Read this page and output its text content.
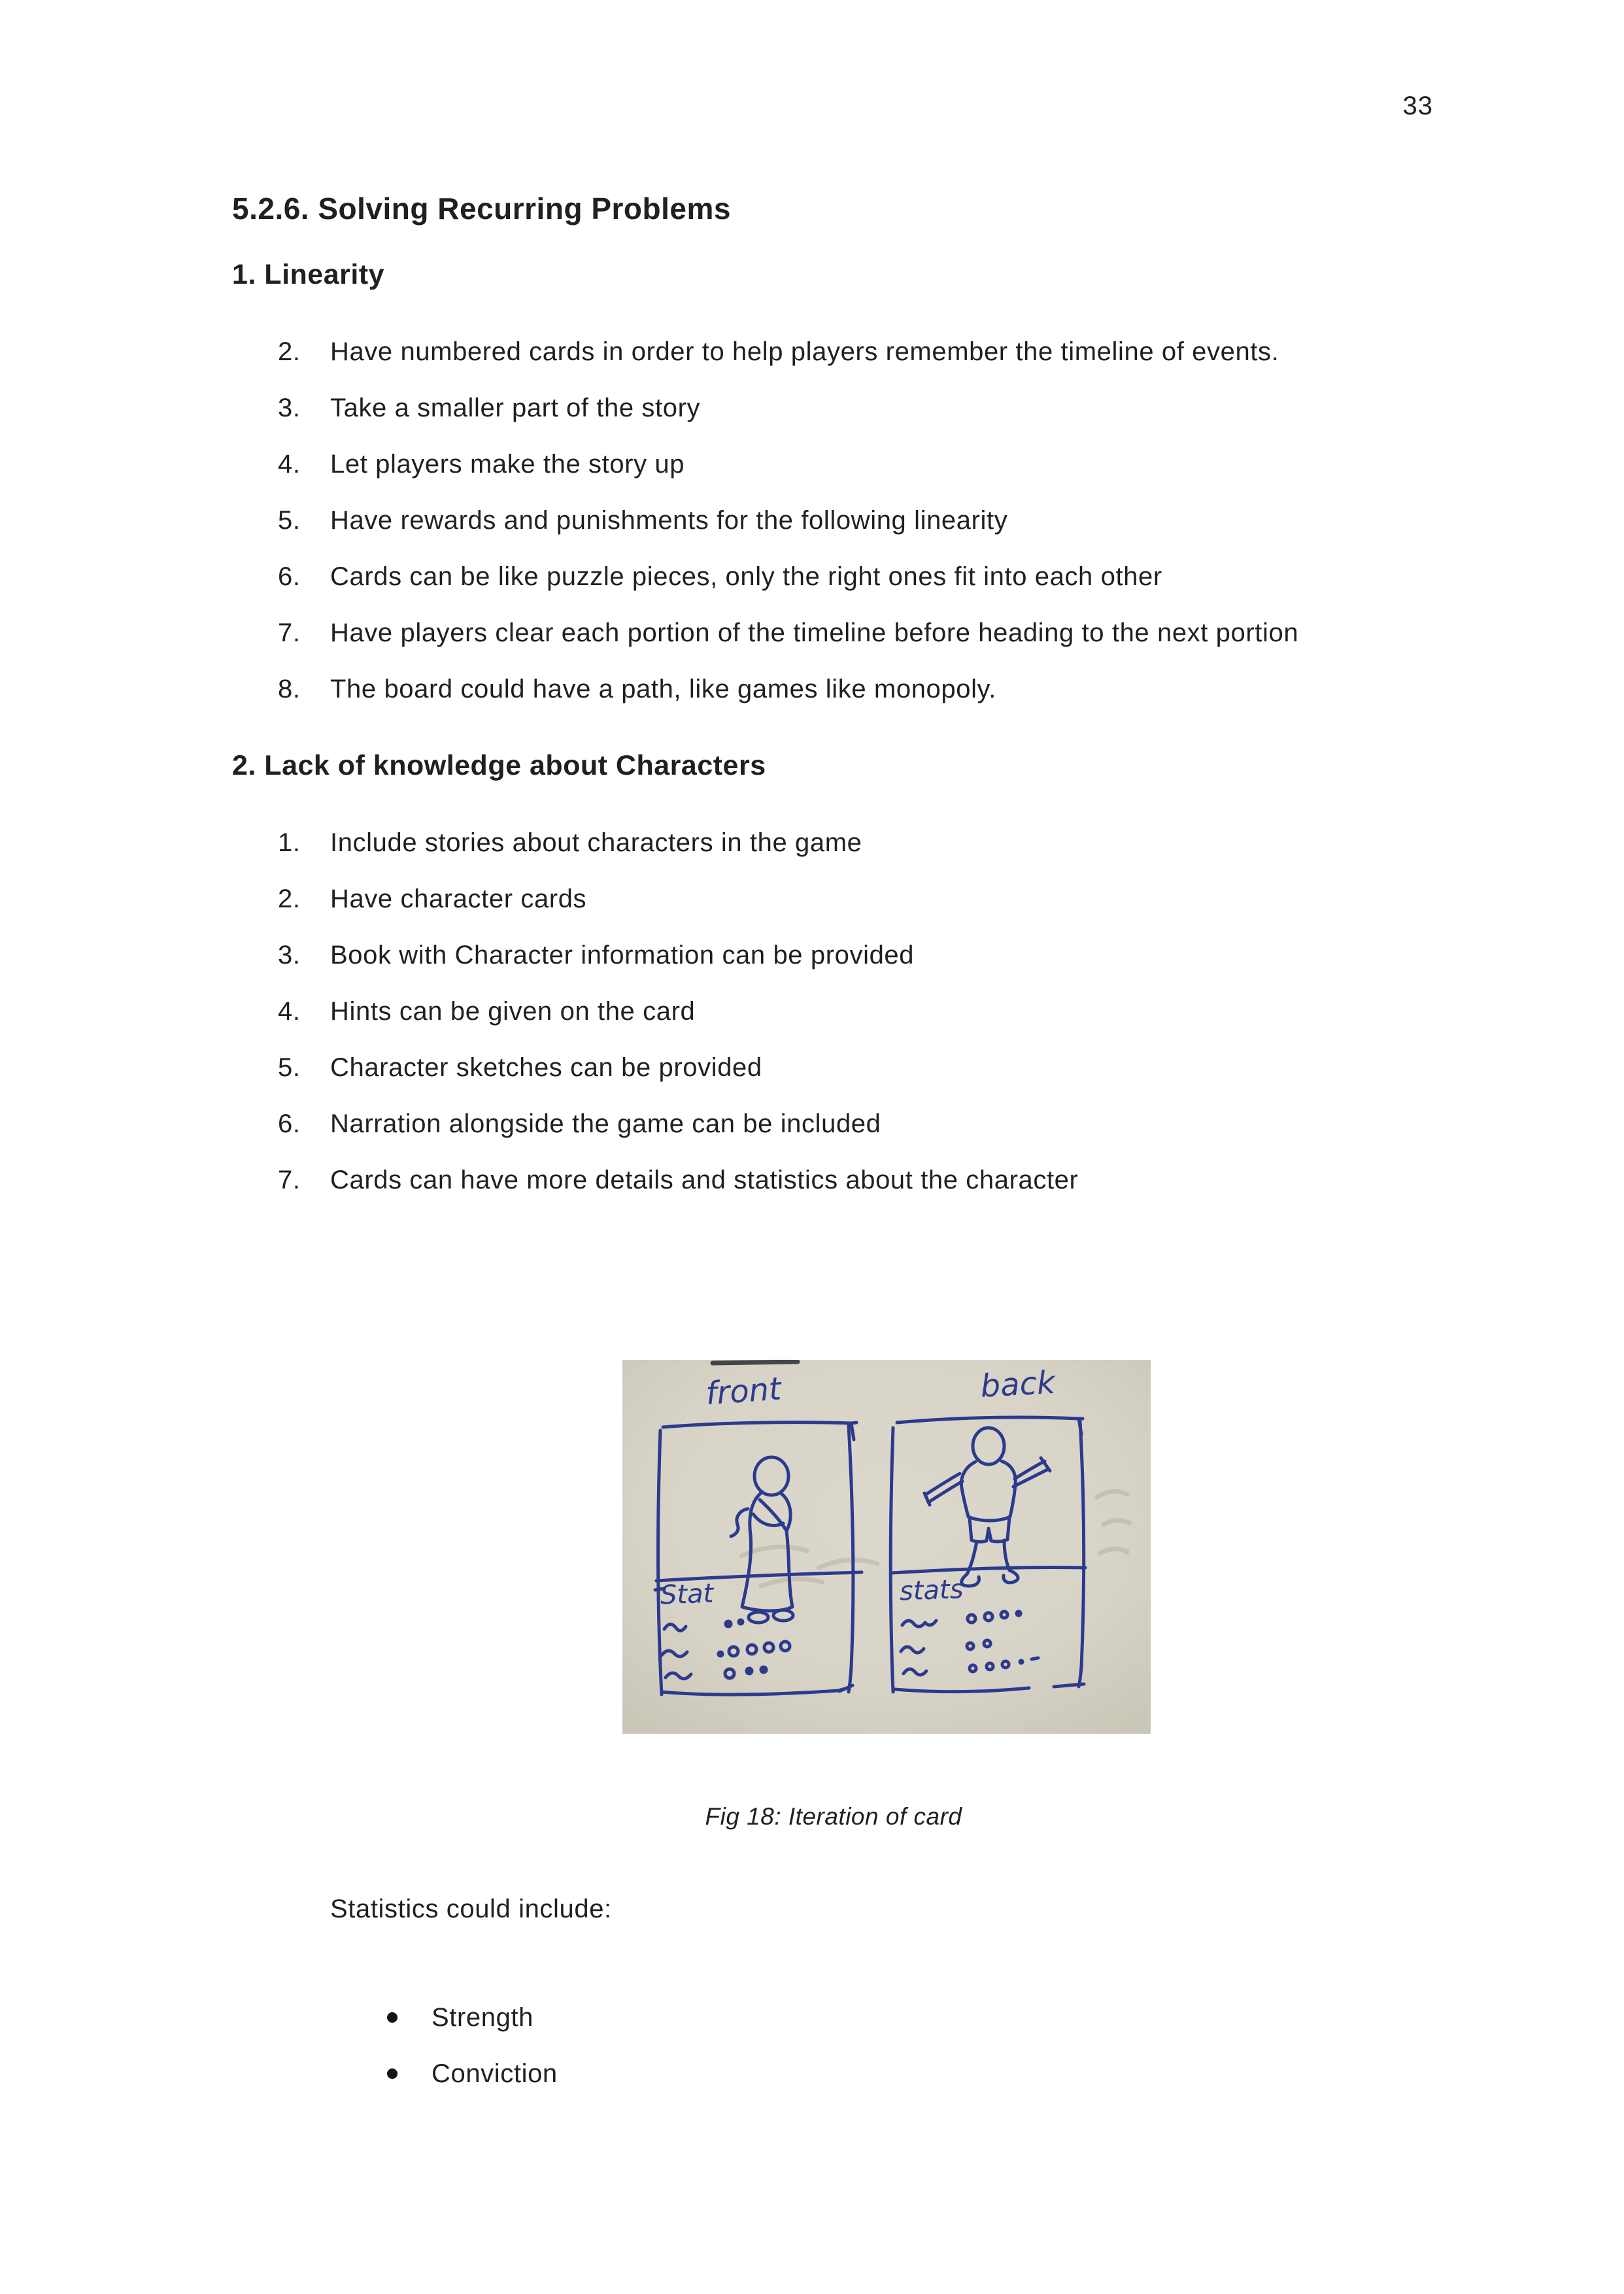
33
5.2.6. Solving Recurring Problems
1. Linearity
2.	Have numbered cards in order to help players remember the timeline of events.
3.	Take a smaller part of the story
4.	Let players make the story up
5.	Have rewards and punishments for the following linearity
6.	Cards can be like puzzle pieces, only the right ones fit into each other
7.	Have players clear each portion of the timeline before heading to the next portion
8.	The board could have a path, like games like monopoly.
2. Lack of knowledge about Characters
1.	Include stories about characters in the game
2.	Have character cards
3.	Book with Character information can be provided
4.	Hints can be given on the card
5.	Character sketches can be provided
6.	Narration alongside the game can be included
7.	Cards can have more details and statistics about the character
front	back
Stat	stats
Fig 18: Iteration of card
Statistics could include:
Strength
Conviction
